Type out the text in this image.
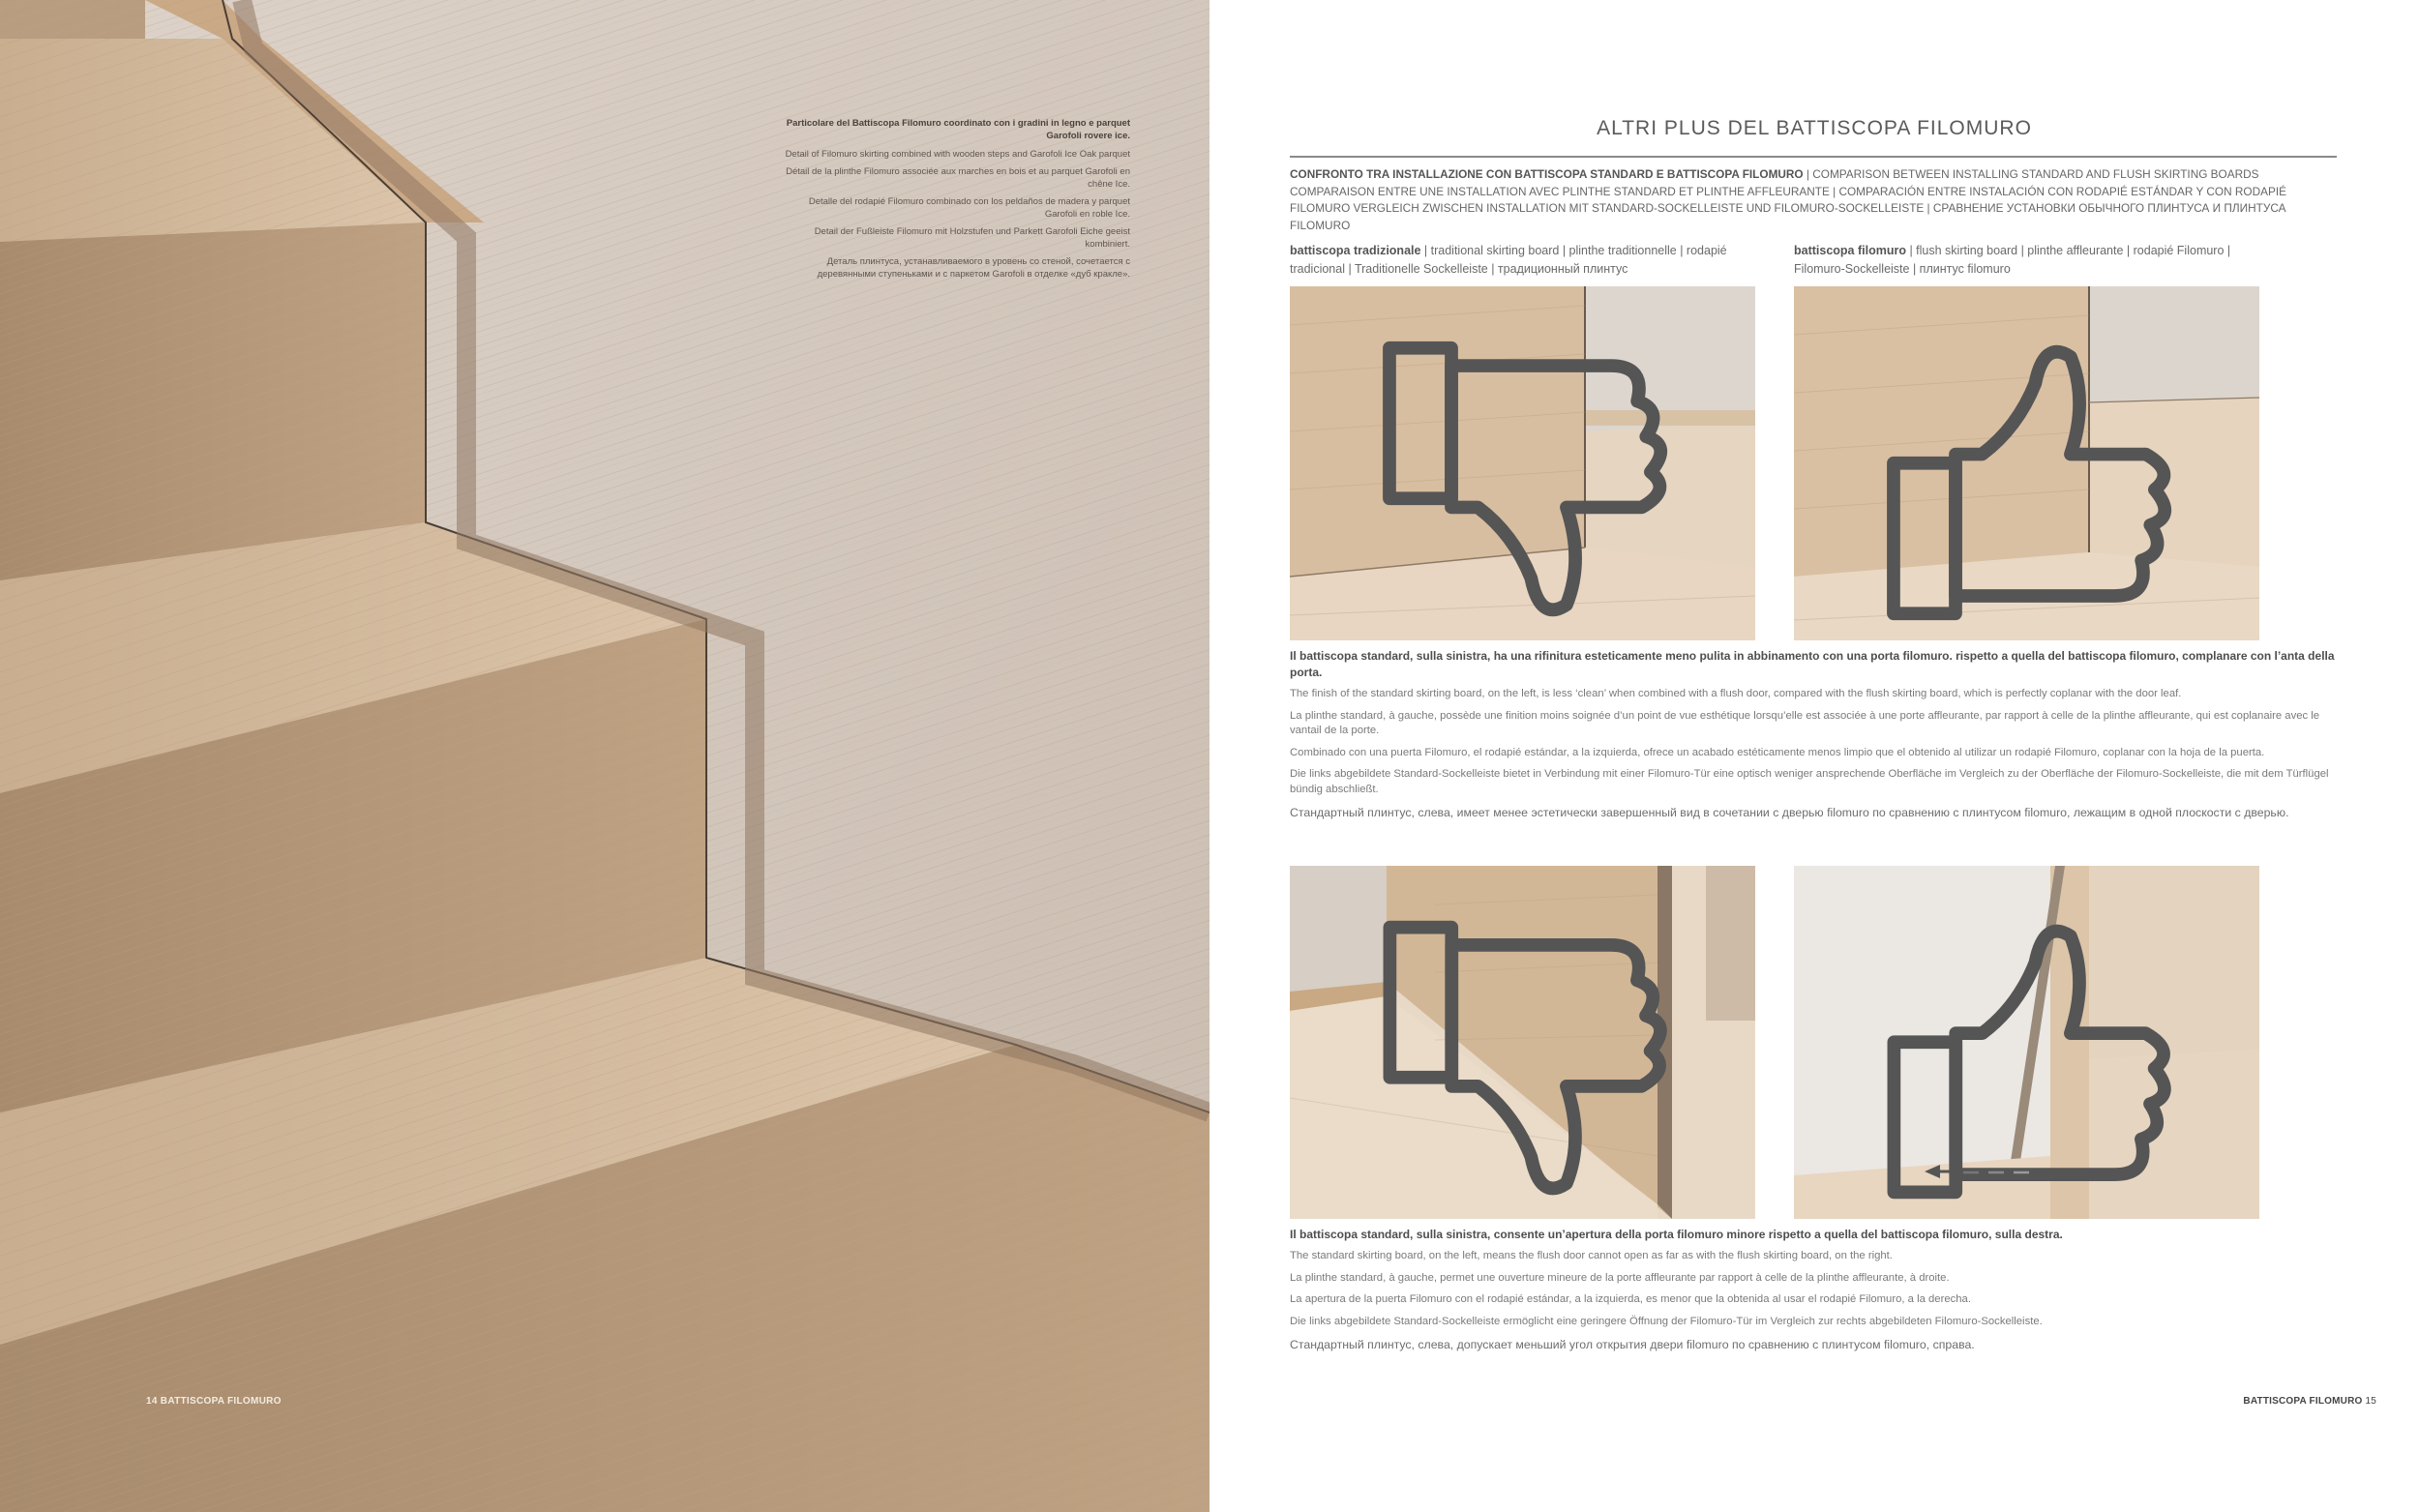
Particolare del Battiscopa Filomuro coordinato con i gradini in legno e parquet Garofoli rovere ice.
Detail of Filomuro skirting combined with wooden steps and Garofoli Ice Oak parquet
Détail de la plinthe Filomuro associée aux marches en bois et au parquet Garofoli en chêne Ice.
Detalle del rodapié Filomuro combinado con los peldaños de madera y parquet Garofoli en roble Ice.
Detail der Fußleiste Filomuro mit Holzstufen und Parkett Garofoli Eiche geeist kombiniert.
Деталь плинтуса, устанавливаемого в уровень со стеной, сочетается с деревянными ступеньками и с паркетом Garofoli в отделке «дуб краклe».
14 BATTISCOPA FILOMURO
ALTRI PLUS DEL BATTISCOPA FILOMURO
CONFRONTO TRA INSTALLAZIONE CON BATTISCOPA STANDARD E BATTISCOPA FILOMURO | COMPARISON BETWEEN INSTALLING STANDARD AND FLUSH SKIRTING BOARDS COMPARAISON ENTRE UNE INSTALLATION AVEC PLINTHE STANDARD ET PLINTHE AFFLEURANTE | COMPARACIÓN ENTRE INSTALACIÓN CON RODAPIÉ ESTÁNDAR Y CON RODAPIÉ FILOMURO VERGLEICH ZWISCHEN INSTALLATION MIT STANDARD-SOCKELLEISTE UND FILOMURO-SOCKELLEISTE | СРАВНЕНИЕ УСТАНОВКИ ОБЫЧНОГО ПЛИНТУСА И ПЛИНТУСА FILOMURO
battiscopa tradizionale | traditional skirting board | plinthe traditionnelle | rodapié tradicional | Traditionelle Sockelleiste | традиционный плинтус
battiscopa filomuro | flush skirting board | plinthe affleurante | rodapié Filomuro | Filomuro-Sockelleiste | плинтус filomuro

Il battiscopa standard, sulla sinistra, ha una rifinitura esteticamente meno pulita in abbinamento con una porta filomuro. rispetto a quella del battiscopa filomuro, complanare con l’anta della porta.

The finish of the standard skirting board, on the left, is less ‘clean’ when combined with a flush door, compared with the flush skirting board, which is perfectly coplanar with the door leaf.

La plinthe standard, à gauche, possède une finition moins soignée d’un point de vue esthétique lorsqu’elle est associée à une porte affleurante, par rapport à celle de la plinthe affleurante, qui est coplanaire avec le vantail de la porte.

Combinado con una puerta Filomuro, el rodapié estándar, a la izquierda, ofrece un acabado estéticamente menos limpio que el obtenido al utilizar un rodapié Filomuro, coplanar con la hoja de la puerta.

Die links abgebildete Standard-Sockelleiste bietet in Verbindung mit einer Filomuro-Tür eine optisch weniger ansprechende Oberfläche im Vergleich zu der Oberfläche der Filomuro-Sockelleiste, die mit dem Türflügel bündig abschließt.

Стандартный плинтус, слева, имеет менее эстетически завершенный вид в сочетании с дверью filomuro по сравнению с плинтусом filomuro, лежащим в одной плоскости с дверью.

Il battiscopa standard, sulla sinistra, consente un’apertura della porta filomuro minore rispetto a quella del battiscopa filomuro, sulla destra.

The standard skirting board, on the left, means the flush door cannot open as far as with the flush skirting board, on the right.

La plinthe standard, à gauche, permet une ouverture mineure de la porte affleurante par rapport à celle de la plinthe affleurante, à droite.

La apertura de la puerta Filomuro con el rodapié estándar, a la izquierda, es menor que la obtenida al usar el rodapié Filomuro, a la derecha.

Die links abgebildete Standard-Sockelleiste ermöglicht eine geringere Öffnung der Filomuro-Tür im Vergleich zur rechts abgebildeten Filomuro-Sockelleiste.

Стандартный плинтус, слева, допускает меньший угол открытия двери filomuro по сравнению с плинтусом filomuro, справа.

BATTISCOPA FILOMURO 15
